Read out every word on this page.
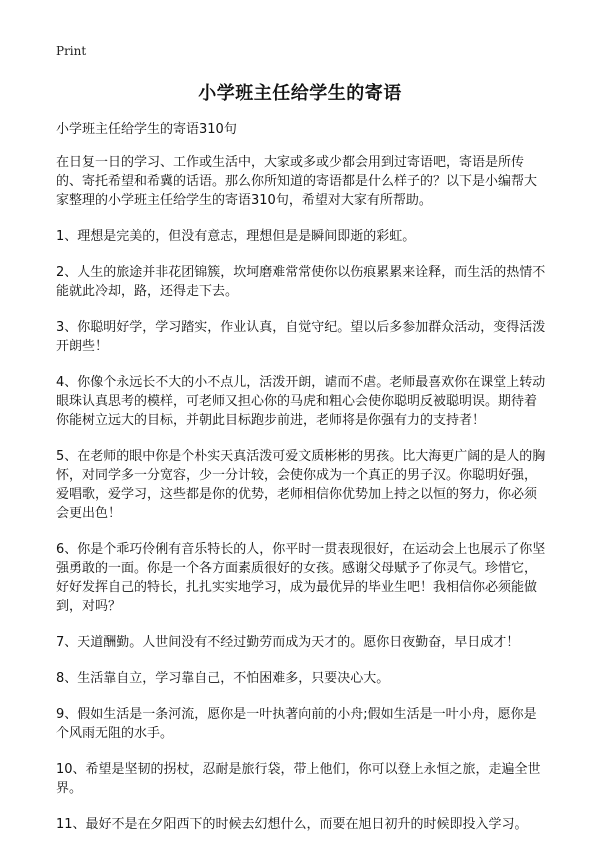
Print
小学班主任给学生的寄语

小学班主任给学生的寄语310句

在日复一日的学习、工作或生活中，大家或多或少都会用到过寄语吧，寄语是所传的、寄托希望和希冀的话语。那么你所知道的寄语都是什么样子的？以下是小编帮大家整理的小学班主任给学生的寄语310句，希望对大家有所帮助。

1、理想是完美的，但没有意志，理想但是是瞬间即逝的彩虹。

2、人生的旅途并非花团锦簇，坎坷磨难常常使你以伤痕累累来诠释，而生活的热情不能就此冷却，路，还得走下去。

3、你聪明好学，学习踏实，作业认真，自觉守纪。望以后多参加群众活动，变得活泼开朗些！

4、你像个永远长不大的小不点儿，活泼开朗，谑而不虐。老师最喜欢你在课堂上转动眼珠认真思考的模样，可老师又担心你的马虎和粗心会使你聪明反被聪明误。期待着你能树立远大的目标，并朝此目标跑步前进，老师将是你强有力的支持者！

5、在老师的眼中你是个朴实天真活泼可爱文质彬彬的男孩。比大海更广阔的是人的胸怀，对同学多一分宽容，少一分计较，会使你成为一个真正的男子汉。你聪明好强，爱唱歌，爱学习，这些都是你的优势，老师相信你优势加上持之以恒的努力，你必须会更出色！

6、你是个乖巧伶俐有音乐特长的人，你平时一贯表现很好，在运动会上也展示了你坚强勇敢的一面。你是一个各方面素质很好的女孩。感谢父母赋予了你灵气。珍惜它，好好发挥自己的特长，扎扎实实地学习，成为最优异的毕业生吧！我相信你必须能做到，对吗？

7、天道酬勤。人世间没有不经过勤劳而成为天才的。愿你日夜勤奋，早日成才！

8、生活靠自立，学习靠自己，不怕困难多，只要决心大。

9、假如生活是一条河流，愿你是一叶执著向前的小舟;假如生活是一叶小舟，愿你是个风雨无阻的水手。

10、希望是坚韧的拐杖，忍耐是旅行袋，带上他们，你可以登上永恒之旅，走遍全世界。

11、最好不是在夕阳西下的时候去幻想什么，而要在旭日初升的时候即投入学习。
